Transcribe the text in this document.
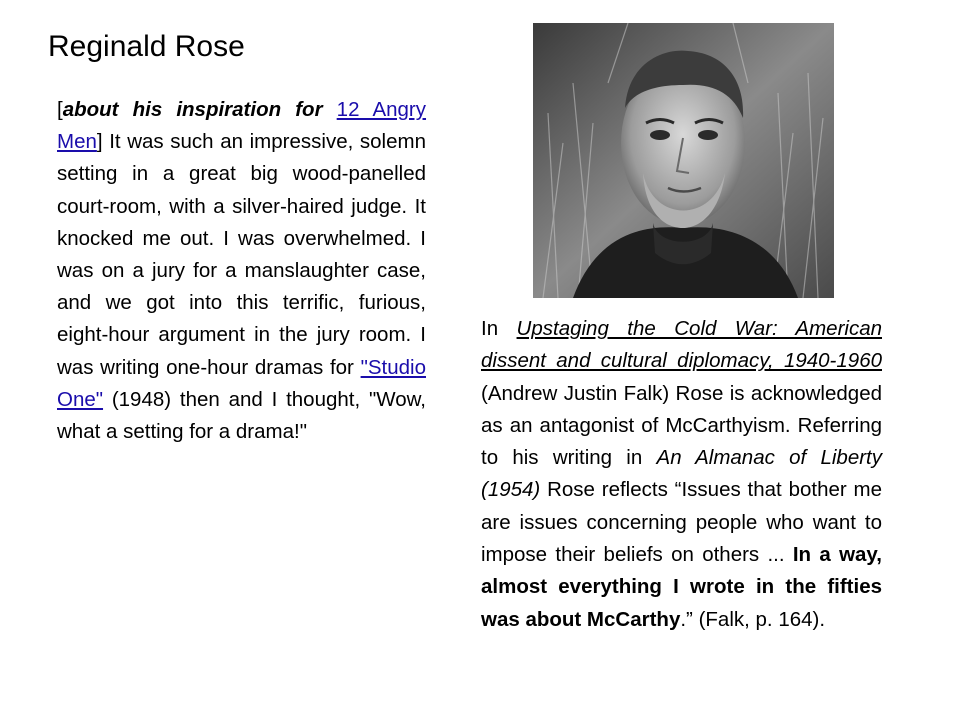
Reginald Rose

[about his inspiration for 12 Angry Men] It was such an impressive, solemn setting in a great big wood-panelled court-room, with a silver-haired judge. It knocked me out. I was overwhelmed. I was on a jury for a manslaughter case, and we got into this terrific, furious, eight-hour argument in the jury room. I was writing one-hour dramas for "Studio One" (1948) then and I thought, "Wow, what a setting for a drama!"

In Upstaging the Cold War: American dissent and cultural diplomacy, 1940-1960 (Andrew Justin Falk) Rose is acknowledged as an antagonist of McCarthyism. Referring to his writing in An Almanac of Liberty (1954) Rose reflects “Issues that bother me are issues concerning people who want to impose their beliefs on others ... In a way, almost everything I wrote in the fifties was about McCarthy.” (Falk, p. 164).
